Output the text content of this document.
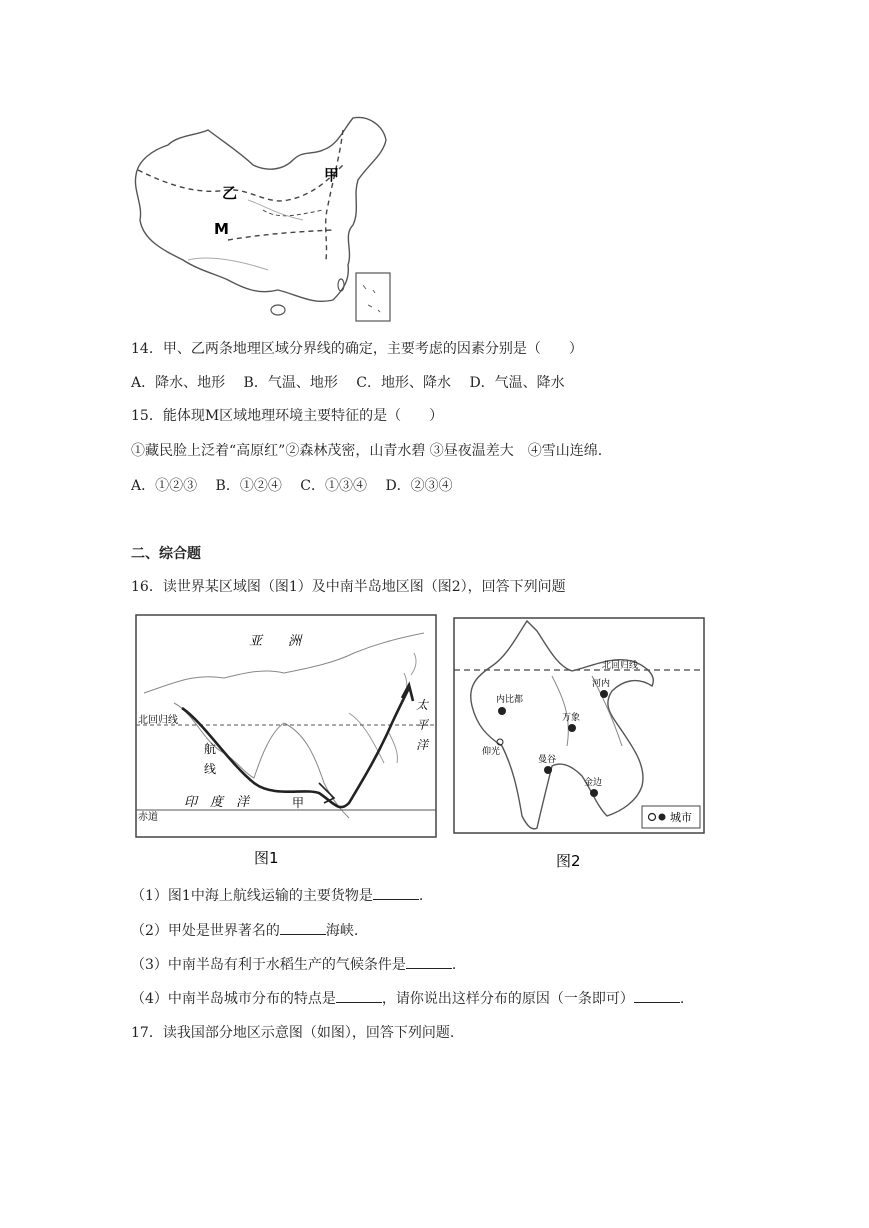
甲
乙
M
14．甲、乙两条地理区域分界线的确定，主要考虑的因素分别是（　　）
A．降水、地形　 B．气温、地形　 C．地形、降水　 D．气温、降水
15．能体现M区域地理环境主要特征的是（　　）
①藏民脸上泛着“高原红”②森林茂密，山青水碧 ③昼夜温差大　④雪山连绵.
A．①②③　 B．①②④　 C．①③④　 D．②③④
二、综合题
16．读世界某区域图（图1）及中南半岛地区图（图2），回答下列问题
亚　　洲
太
平
洋
航
线
印　度　洋	甲
北回归线
赤道
图1
北回归线
仰光
内比都
万象
河内
曼谷
金边
城市
图2
（1）图1中海上航线运输的主要货物是	.
（2）甲处是世界著名的	海峡.
（3）中南半岛有利于水稻生产的气候条件是	.
（4）中南半岛城市分布的特点是	，请你说出这样分布的原因（一条即可）	.
17．读我国部分地区示意图（如图），回答下列问题.
